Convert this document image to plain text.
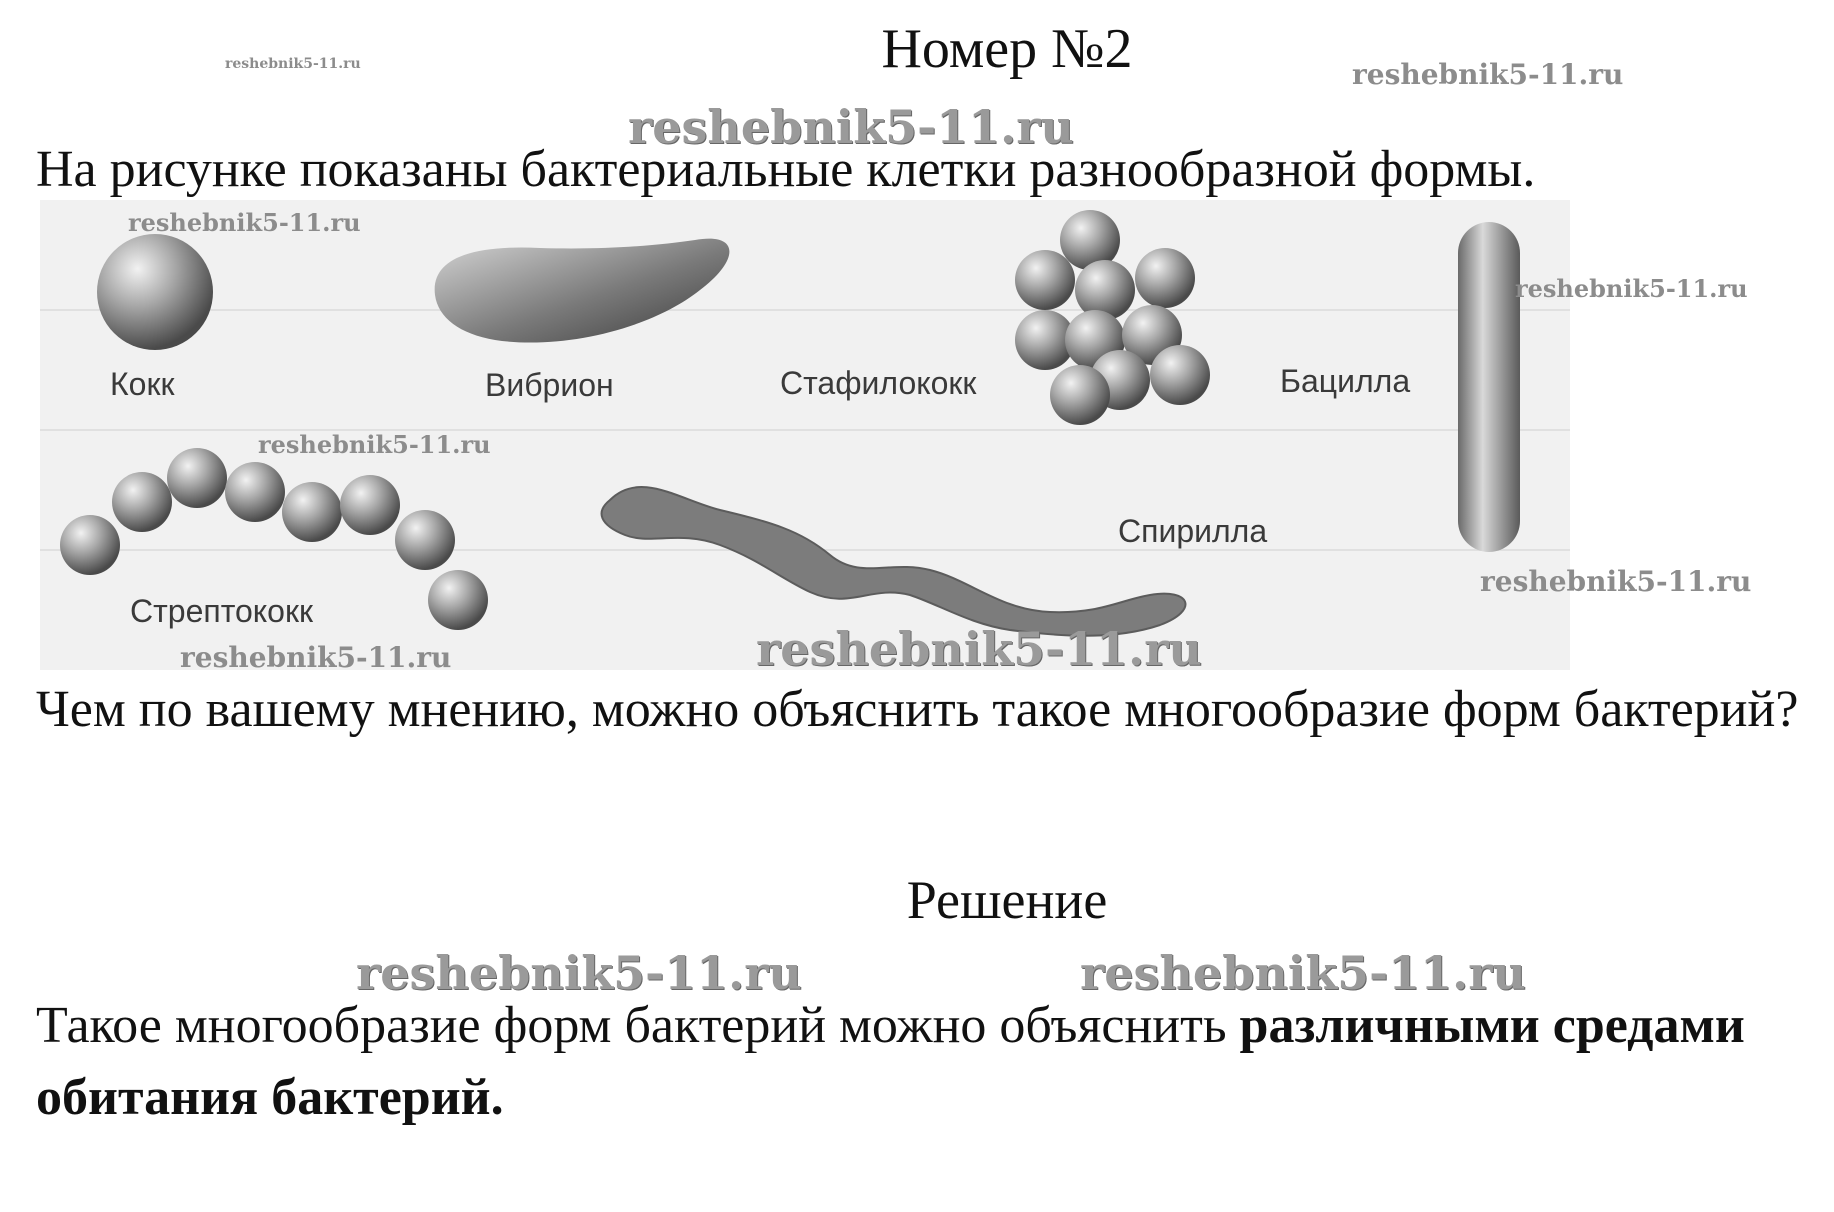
Номер №2
На рисунке показаны бактериальные клетки разнообразной формы.
Кокк	Вибрион	Стафилококк	Бацилла
Стрептококк
Спирилла
Чем по вашему мнению, можно объяснить такое многообразие форм бактерий?
Решение
Такое многообразие форм бактерий можно объяснить различными средами обитания бактерий.
reshebnik5-11.ru	reshebnik5-11.ru
reshebnik5-11.ru
reshebnik5-11.ru
reshebnik5-11.ru
reshebnik5-11.ru
reshebnik5-11.ru
reshebnik5-11.ru	reshebnik5-11.ru
reshebnik5-11.ru	reshebnik5-11.ru
